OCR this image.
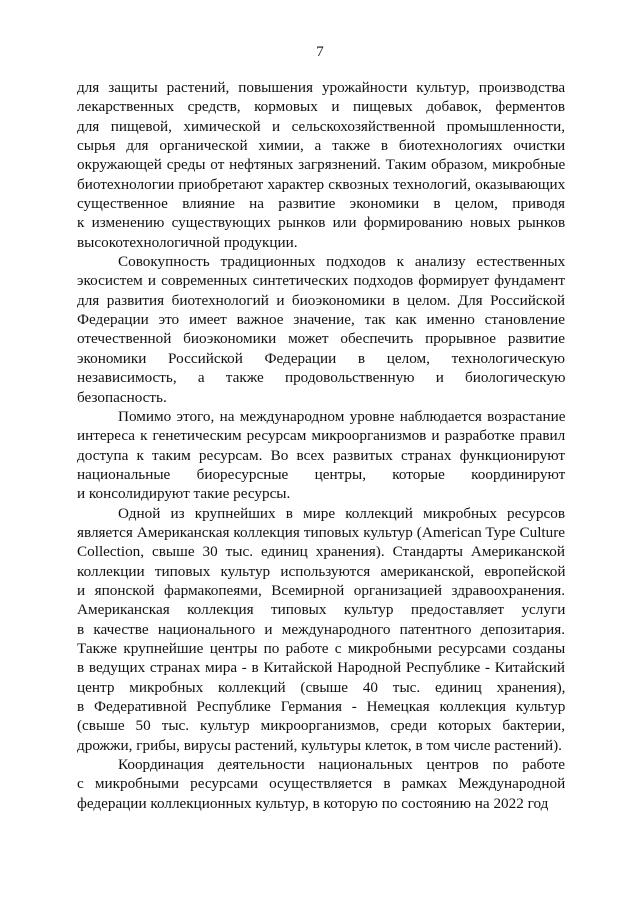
7
для защиты растений, повышения урожайности культур, производства
лекарственных средств, кормовых и пищевых добавок, ферментов
для пищевой, химической и сельскохозяйственной промышленности,
сырья для органической химии, а также в биотехнологиях очистки
окружающей среды от нефтяных загрязнений. Таким образом, микробные
биотехнологии приобретают характер сквозных технологий, оказывающих
существенное влияние на развитие экономики в целом, приводя
к изменению существующих рынков или формированию новых рынков
высокотехнологичной продукции.
Совокупность традиционных подходов к анализу естественных
экосистем и современных синтетических подходов формирует фундамент
для развития биотехнологий и биоэкономики в целом. Для Российской
Федерации это имеет важное значение, так как именно становление
отечественной биоэкономики может обеспечить прорывное развитие
экономики Российской Федерации в целом, технологическую
независимость, а также продовольственную и биологическую
безопасность.
Помимо этого, на международном уровне наблюдается возрастание
интереса к генетическим ресурсам микроорганизмов и разработке правил
доступа к таким ресурсам. Во всех развитых странах функционируют
национальные биоресурсные центры, которые координируют
и консолидируют такие ресурсы.
Одной из крупнейших в мире коллекций микробных ресурсов
является Американская коллекция типовых культур (American Type Culture
Collection, свыше 30 тыс. единиц хранения). Стандарты Американской
коллекции типовых культур используются американской, европейской
и японской фармакопеями, Всемирной организацией здравоохранения.
Американская коллекция типовых культур предоставляет услуги
в качестве национального и международного патентного депозитария.
Также крупнейшие центры по работе с микробными ресурсами созданы
в ведущих странах мира - в Китайской Народной Республике - Китайский
центр микробных коллекций (свыше 40 тыс. единиц хранения),
в Федеративной Республике Германия - Немецкая коллекция культур
(свыше 50 тыс. культур микроорганизмов, среди которых бактерии,
дрожжи, грибы, вирусы растений, культуры клеток, в том числе растений).
Координация деятельности национальных центров по работе
с микробными ресурсами осуществляется в рамках Международной
федерации коллекционных культур, в которую по состоянию на 2022 год
